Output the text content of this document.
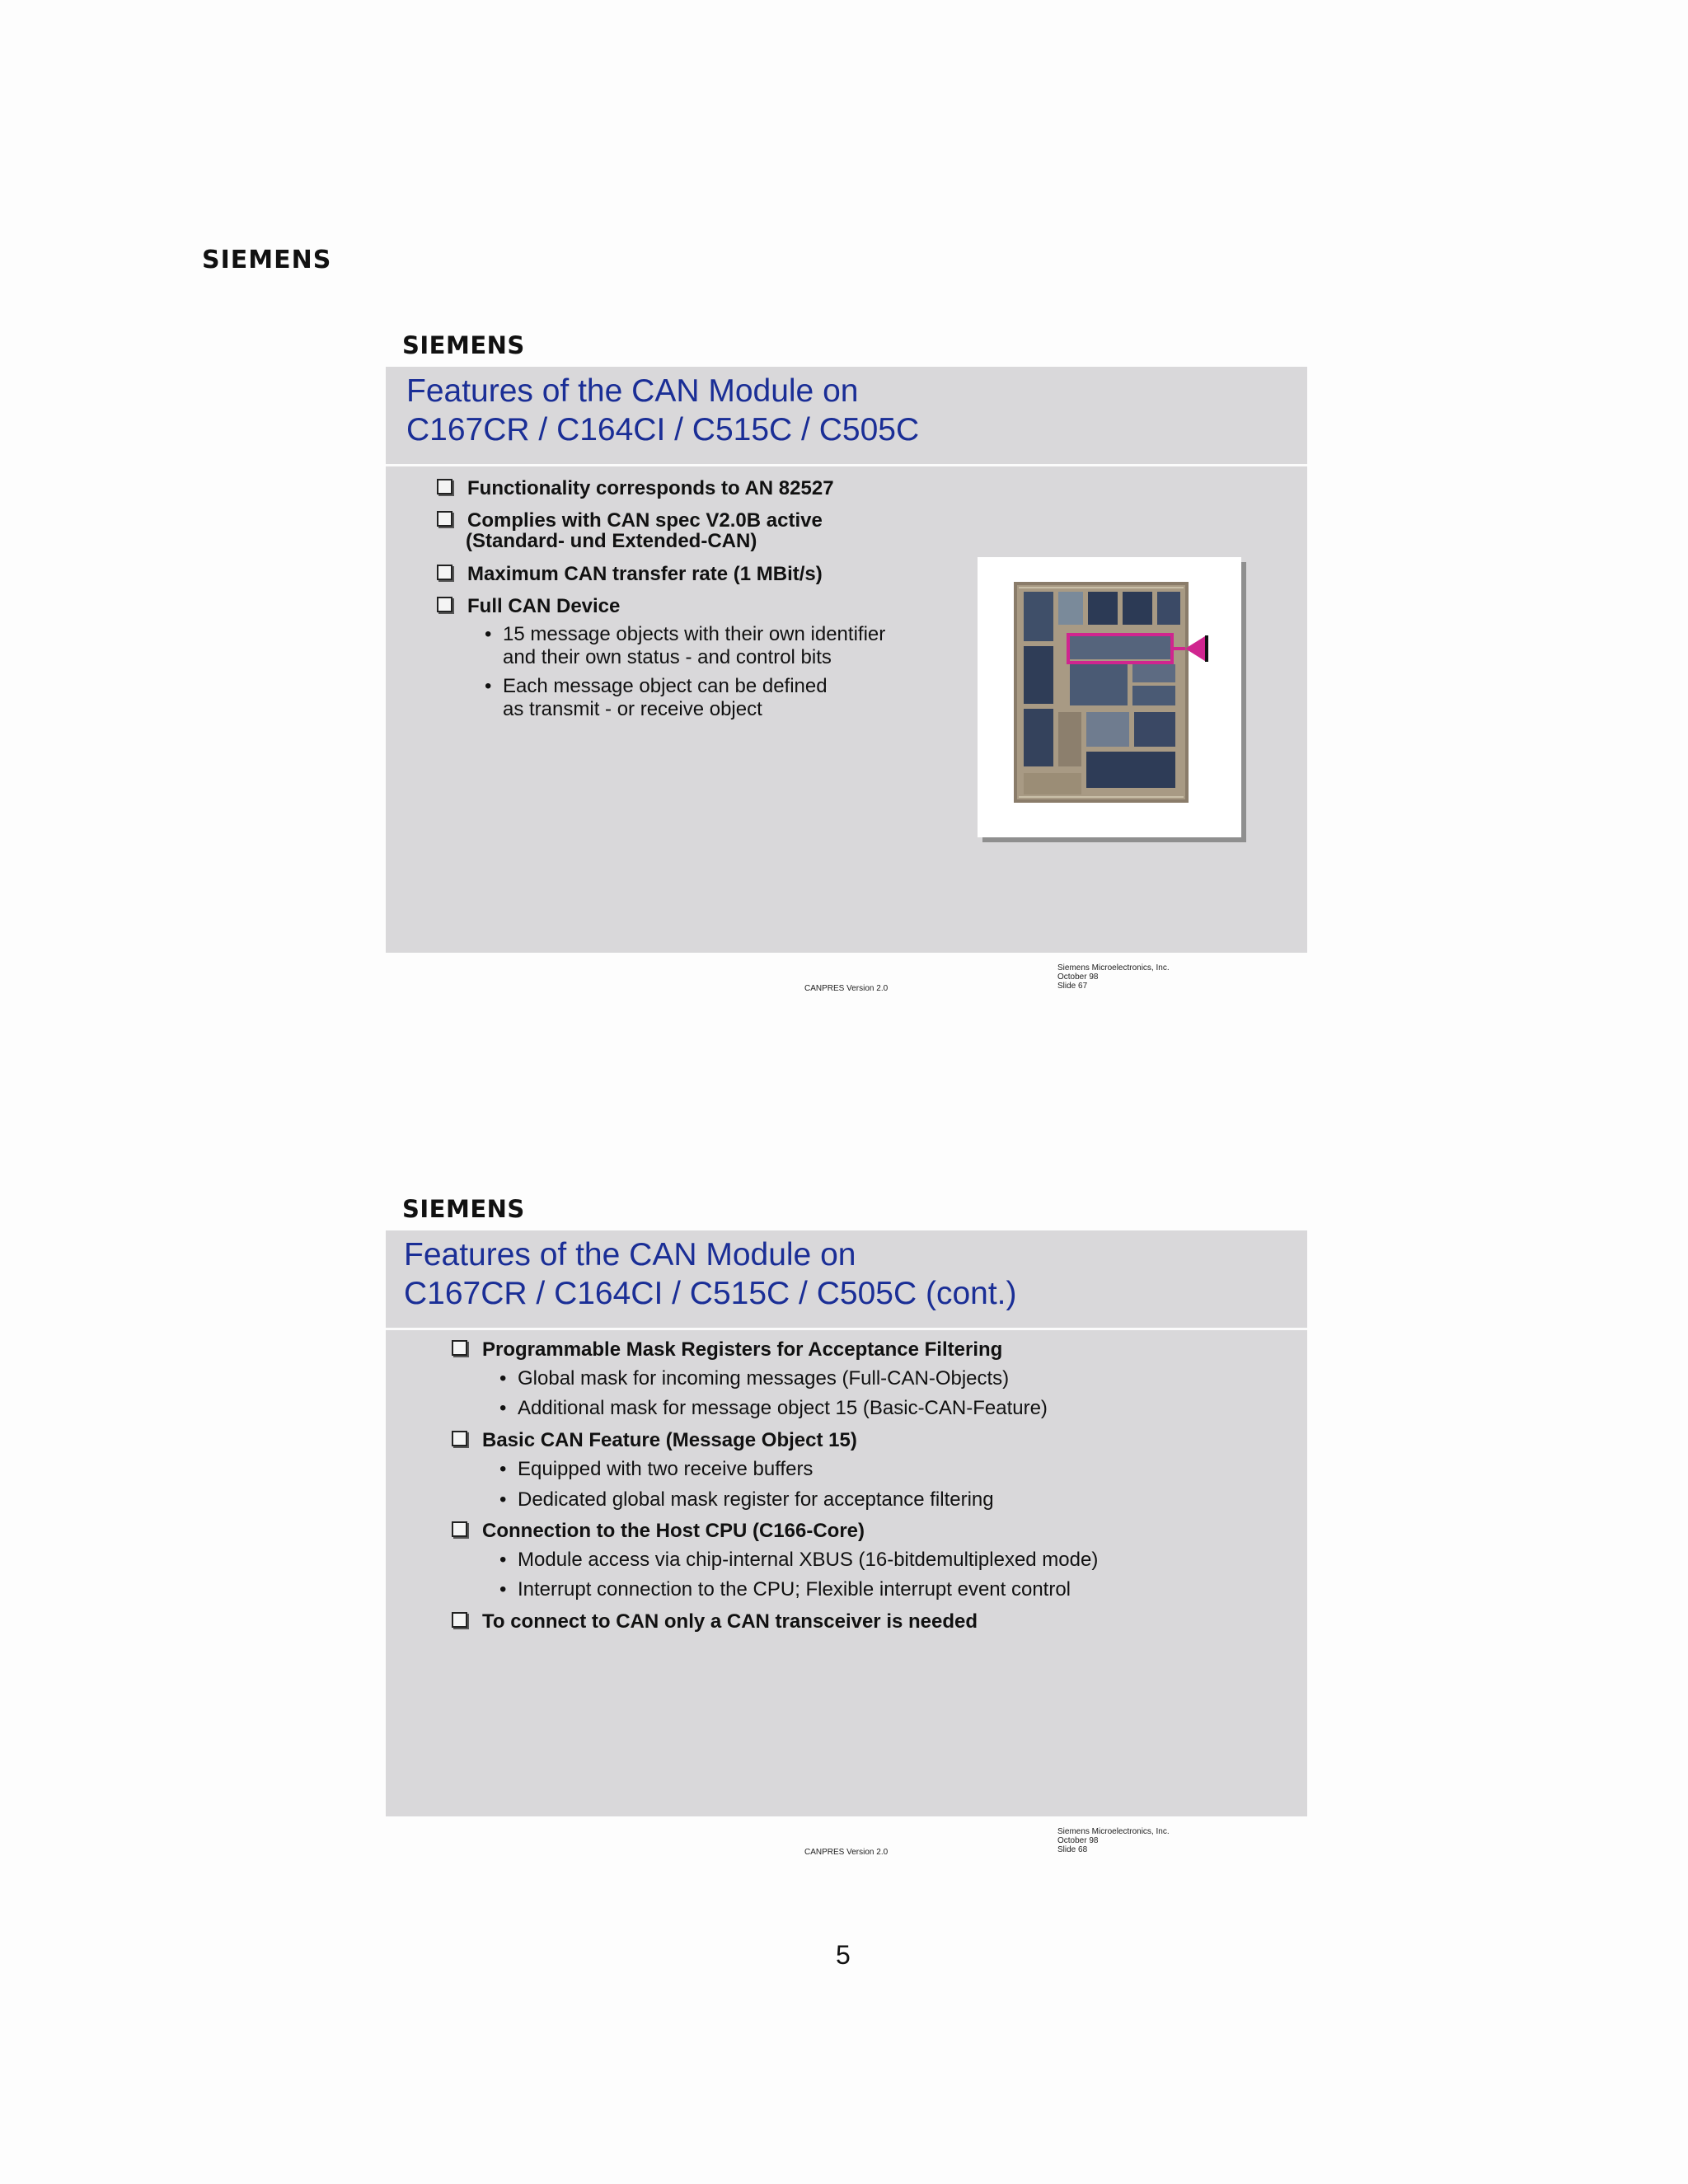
SIEMENS
SIEMENS
Features of the CAN Module on
C167CR / C164CI / C515C / C505C
Functionality corresponds to AN 82527
Complies with CAN spec V2.0B active
(Standard- und Extended-CAN)
Maximum CAN transfer rate (1 MBit/s)
Full CAN Device
• 15 message objects with their own identifier
and their own status - and control bits
• Each message object can be defined
as transmit - or receive object
CANPRES Version 2.0
Siemens Microelectronics, Inc.
October 98
Slide 67
SIEMENS
Features of the CAN Module on
C167CR / C164CI / C515C / C505C (cont.)
Programmable Mask Registers for Acceptance Filtering
• Global mask for incoming messages (Full-CAN-Objects)
• Additional mask for message object 15 (Basic-CAN-Feature)
Basic CAN Feature (Message Object 15)
• Equipped with two receive buffers
• Dedicated global mask register for acceptance filtering
Connection to the Host CPU (C166-Core)
• Module access via chip-internal XBUS (16-bitdemultiplexed mode)
• Interrupt connection to the CPU; Flexible interrupt event control
To connect to CAN only a CAN transceiver is needed
CANPRES Version 2.0
Siemens Microelectronics, Inc.
October 98
Slide 68
5
